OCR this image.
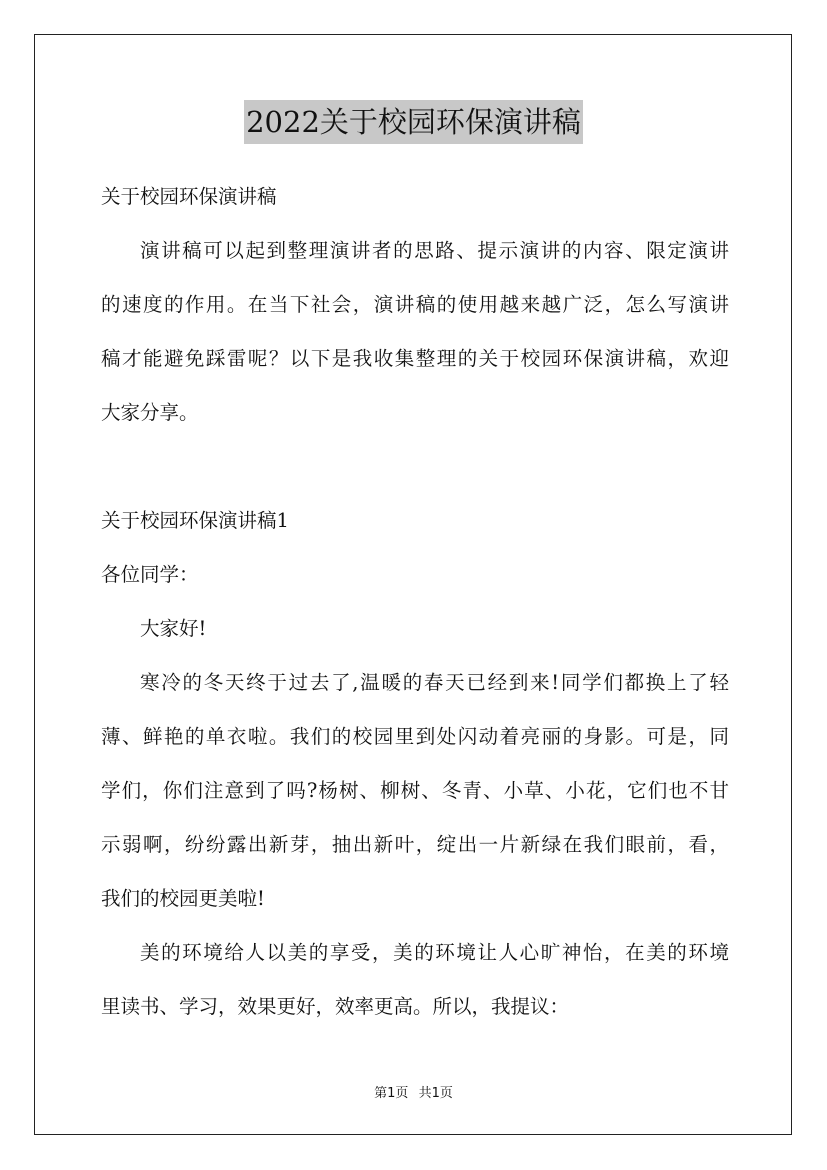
2022关于校园环保演讲稿
关于校园环保演讲稿
演讲稿可以起到整理演讲者的思路、提示演讲的内容、限定演讲
的速度的作用。在当下社会，演讲稿的使用越来越广泛，怎么写演讲
稿才能避免踩雷呢？以下是我收集整理的关于校园环保演讲稿，欢迎
大家分享。
关于校园环保演讲稿1
各位同学：
大家好!
寒冷的冬天终于过去了,温暖的春天已经到来!同学们都换上了轻
薄、鲜艳的单衣啦。我们的校园里到处闪动着亮丽的身影。可是，同
学们，你们注意到了吗?杨树、柳树、冬青、小草、小花，它们也不甘
示弱啊，纷纷露出新芽，抽出新叶，绽出一片新绿在我们眼前，看，
我们的校园更美啦!
美的环境给人以美的享受，美的环境让人心旷神怡，在美的环境
里读书、学习，效果更好，效率更高。所以，我提议：
第1页 共1页
